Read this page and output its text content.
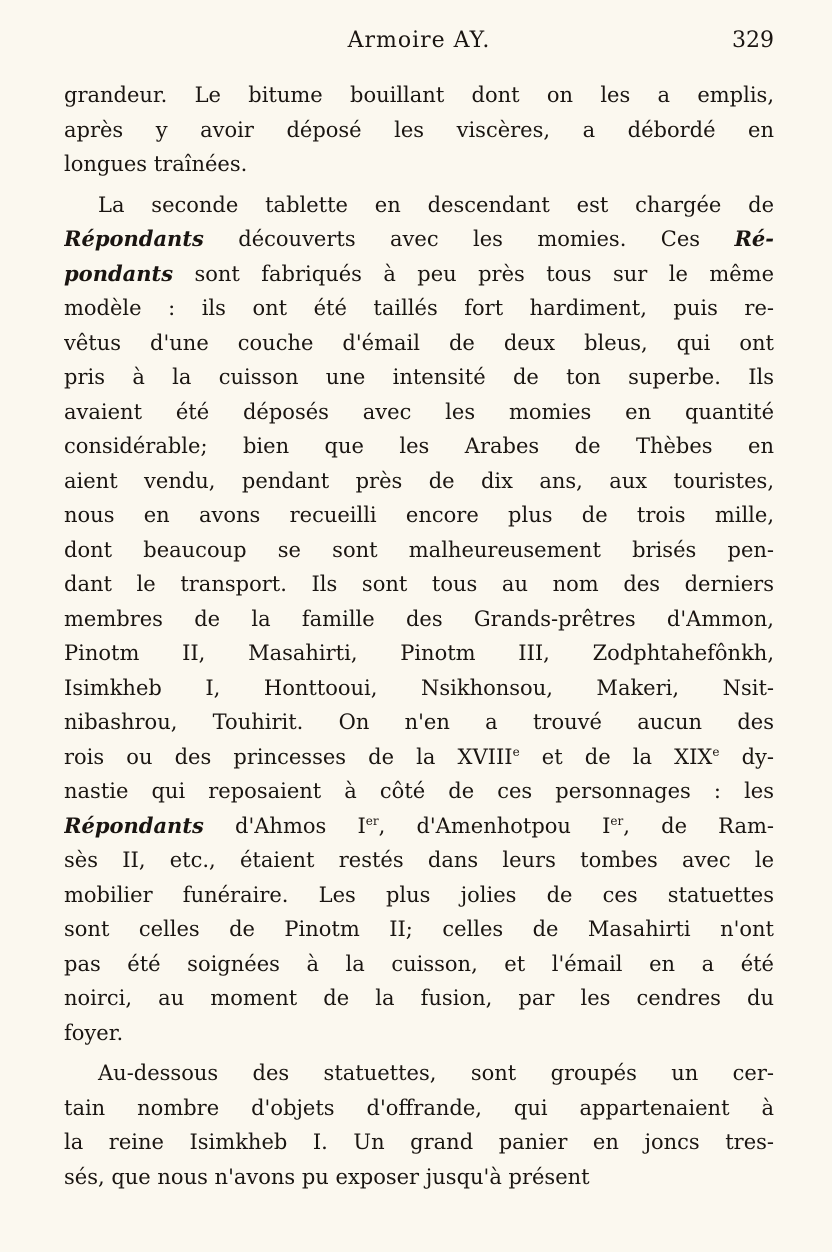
Armoire AY.	329
grandeur. Le bitume bouillant dont on les a emplis,
après y avoir déposé les viscères, a débordé en
longues traînées.
La seconde tablette en descendant est chargée de
Répondants découverts avec les momies. Ces Ré-
pondants sont fabriqués à peu près tous sur le même
modèle : ils ont été taillés fort hardiment, puis re-
vêtus d'une couche d'émail de deux bleus, qui ont
pris à la cuisson une intensité de ton superbe. Ils
avaient été déposés avec les momies en quantité
considérable; bien que les Arabes de Thèbes en
aient vendu, pendant près de dix ans, aux touristes,
nous en avons recueilli encore plus de trois mille,
dont beaucoup se sont malheureusement brisés pen-
dant le transport. Ils sont tous au nom des derniers
membres de la famille des Grands-prêtres d'Ammon,
Pinotm II, Masahirti, Pinotm III, Zodphtahefônkh,
Isimkheb I, Honttooui, Nsikhonsou, Makeri, Nsit-
nibashrou, Touhirit. On n'en a trouvé aucun des
rois ou des princesses de la XVIIIe et de la XIXe dy-
nastie qui reposaient à côté de ces personnages : les
Répondants d'Ahmos Ier, d'Amenhotpou Ier, de Ram-
sès II, etc., étaient restés dans leurs tombes avec le
mobilier funéraire. Les plus jolies de ces statuettes
sont celles de Pinotm II; celles de Masahirti n'ont
pas été soignées à la cuisson, et l'émail en a été
noirci, au moment de la fusion, par les cendres du
foyer.
Au-dessous des statuettes, sont groupés un cer-
tain nombre d'objets d'offrande, qui appartenaient à
la reine Isimkheb I. Un grand panier en joncs tres-
sés, que nous n'avons pu exposer jusqu'à présent
